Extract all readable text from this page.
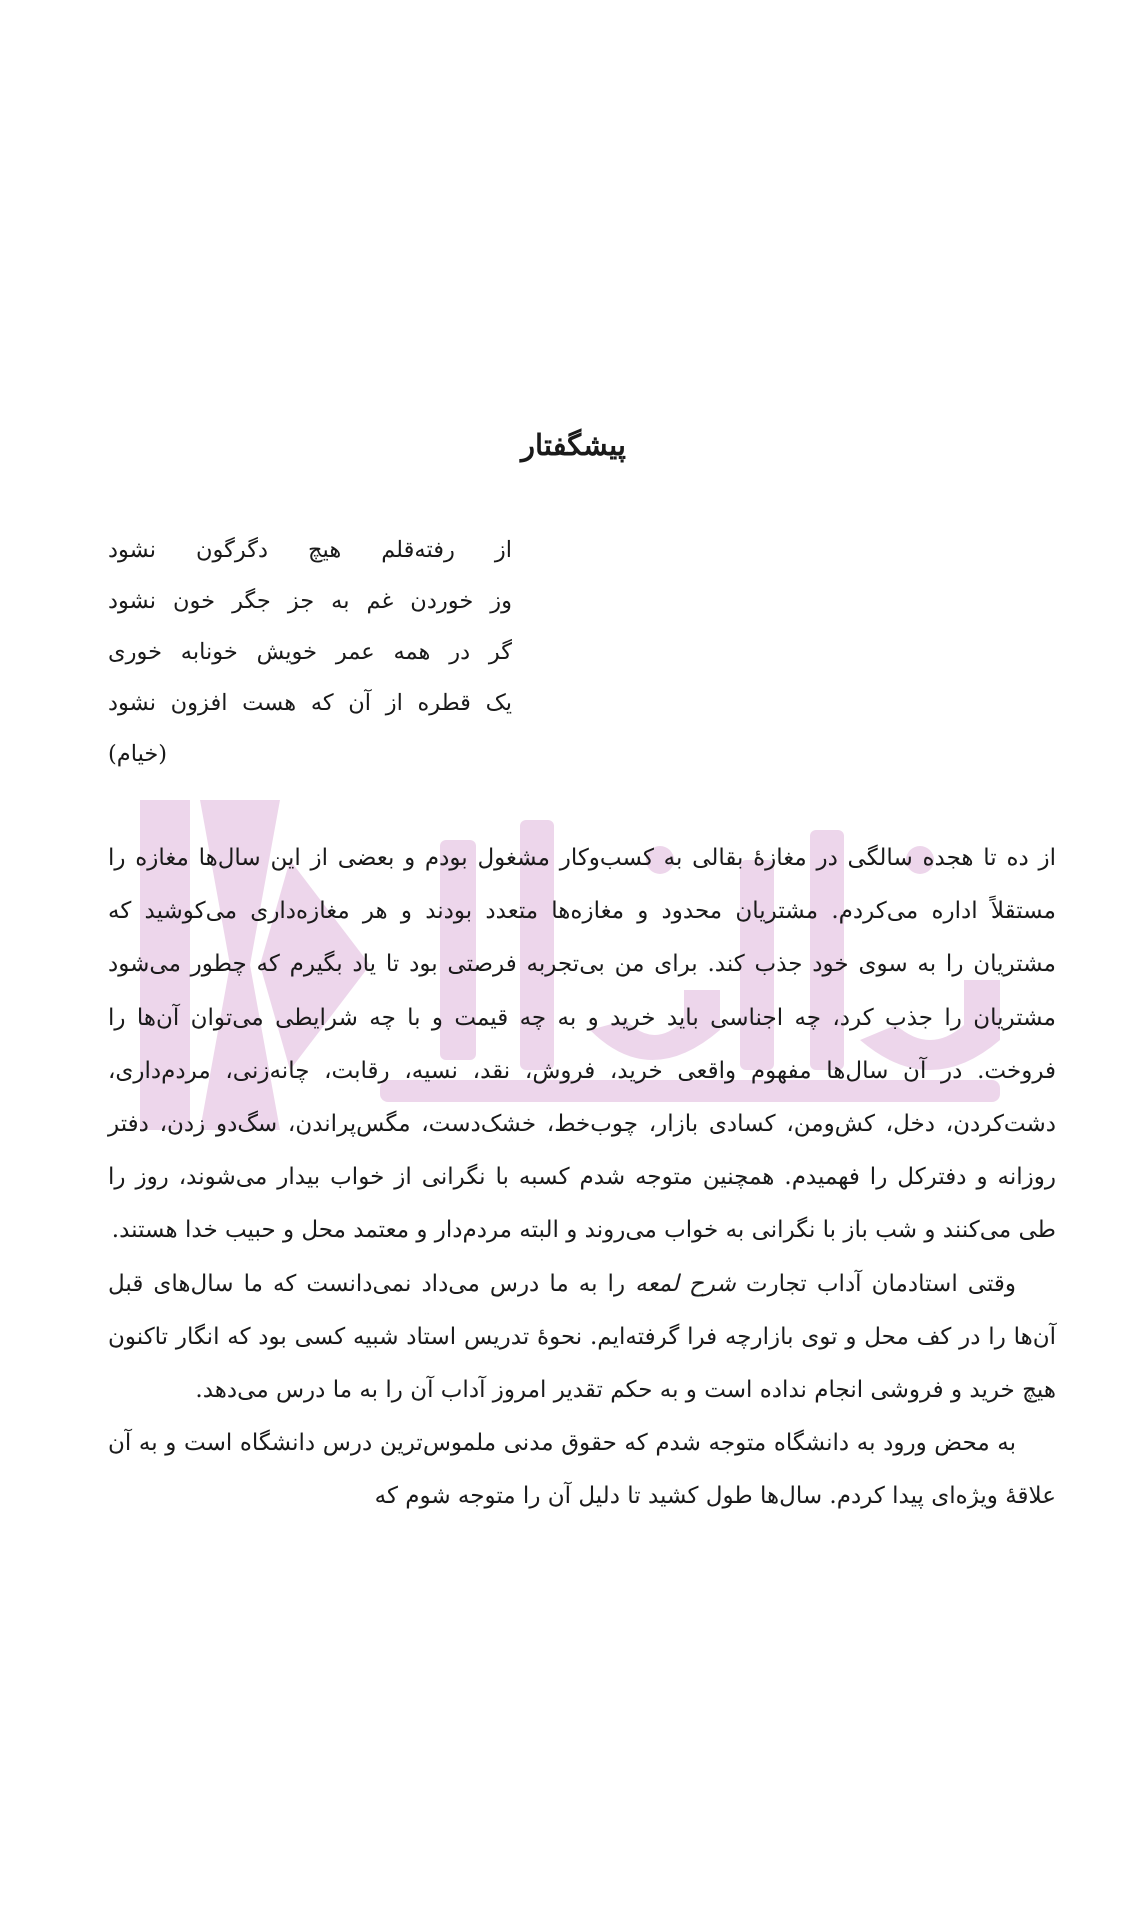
پیشگفتار
از رفته‌قلم هیچ دگرگون نشود
وز خوردن غم به جز جگر خون نشود
گر در همه عمر خویش خونابه خوری
یک قطره از آن که هست افزون نشود
(خیام)

از ده تا هجده سالگی در مغازهٔ بقالی به کسب‌وکار مشغول بودم و بعضی از این سال‌ها مغازه را مستقلاً اداره می‌کردم. مشتریان محدود و مغازه‌ها متعدد بودند و هر مغازه‌داری می‌کوشید که مشتریان را به سوی خود جذب کند. برای من بی‌تجربه فرصتی بود تا یاد بگیرم که چطور می‌شود مشتریان را جذب کرد، چه اجناسی باید خرید و به چه قیمت و با چه شرایطی می‌توان آن‌ها را فروخت. در آن سال‌ها مفهوم واقعی خرید، فروش، نقد، نسیه، رقابت، چانه‌زنی، مردم‌داری، دشت‌کردن، دخل، کش‌ومن، کسادی بازار، چوب‌خط، خشک‌دست، مگس‌پراندن، سگ‌دو زدن، دفتر روزانه و دفترکل را فهمیدم. همچنین متوجه شدم کسبه با نگرانی از خواب بیدار می‌شوند، روز را طی می‌کنند و شب باز با نگرانی به خواب می‌روند و البته مردم‌دار و معتمد محل و حبیب خدا هستند.

وقتی استادمان آداب تجارت شرح لمعه را به ما درس می‌داد نمی‌دانست که ما سال‌های قبل آن‌ها را در کف محل و توی بازارچه فرا گرفته‌ایم. نحوهٔ تدریس استاد شبیه کسی بود که انگار تاکنون هیچ خرید و فروشی انجام نداده است و به حکم تقدیر امروز آداب آن را به ما درس می‌دهد.

به محض ورود به دانشگاه متوجه شدم که حقوق مدنی ملموس‌ترین درس دانشگاه است و به آن علاقهٔ ویژه‌ای پیدا کردم. سال‌ها طول کشید تا دلیل آن را متوجه شوم که
